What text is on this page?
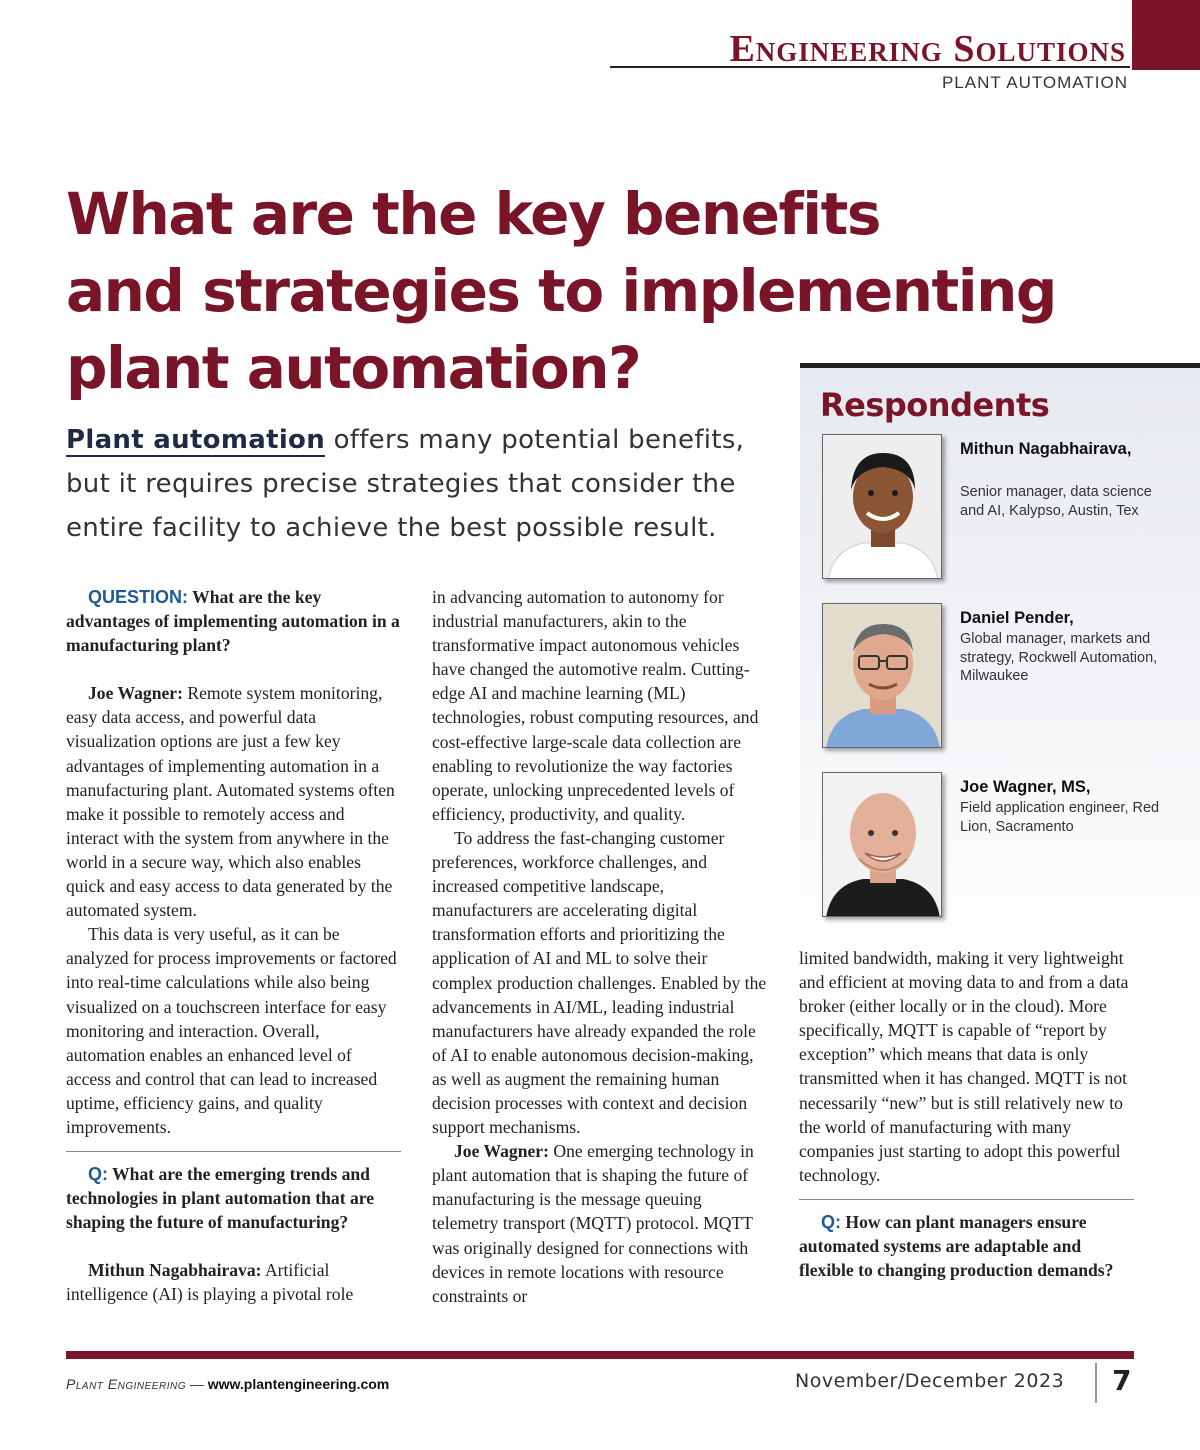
Engineering Solutions
PLANT AUTOMATION
What are the key benefits
and strategies to implementing
plant automation?

Plant automation offers many potential benefits, but it requires precise strategies that consider the entire facility to achieve the best possible result.

QUESTION: What are the key advantages of implementing automation in a manufacturing plant?

Joe Wagner: Remote system monitoring, easy data access, and powerful data visualization options are just a few key advantages of implementing automation in a manufacturing plant. Automated systems often make it possible to remotely access and interact with the system from anywhere in the world in a secure way, which also enables quick and easy access to data generated by the automated system.

This data is very useful, as it can be analyzed for process improvements or factored into real-time calculations while also being visualized on a touchscreen interface for easy monitoring and interaction. Overall, automation enables an enhanced level of access and control that can lead to increased uptime, efficiency gains, and quality improvements.

Q: What are the emerging trends and technologies in plant automation that are shaping the future of manufacturing?

Mithun Nagabhairava: Artificial intelligence (AI) is playing a pivotal role

in advancing automation to autonomy for industrial manufacturers, akin to the transformative impact autonomous vehicles have changed the automotive realm. Cutting-edge AI and machine learning (ML) technologies, robust computing resources, and cost-effective large-scale data collection are enabling to revolutionize the way factories operate, unlocking unprecedented levels of efficiency, productivity, and quality.

To address the fast-changing customer preferences, workforce challenges, and increased competitive landscape, manufacturers are accelerating digital transformation efforts and prioritizing the application of AI and ML to solve their complex production challenges. Enabled by the advancements in AI/ML, leading industrial manufacturers have already expanded the role of AI to enable autonomous decision-making, as well as augment the remaining human decision processes with context and decision support mechanisms.

Joe Wagner: One emerging technology in plant automation that is shaping the future of manufacturing is the message queuing telemetry transport (MQTT) protocol. MQTT was originally designed for connections with devices in remote locations with resource constraints or

limited bandwidth, making it very lightweight and efficient at moving data to and from a data broker (either locally or in the cloud). More specifically, MQTT is capable of “report by exception” which means that data is only transmitted when it has changed. MQTT is not necessarily “new” but is still relatively new to the world of manufacturing with many companies just starting to adopt this powerful technology.

Q: How can plant managers ensure automated systems are adaptable and flexible to changing production demands?

Respondents
Mithun Nagabhairava,
Senior manager, data science and AI, Kalypso, Austin, Tex
Daniel Pender,
Global manager, markets and strategy, Rockwell Automation, Milwaukee
Joe Wagner, MS,
Field application engineer, Red Lion, Sacramento
Plant Engineering — www.plantengineering.com	November/December 2023 7
